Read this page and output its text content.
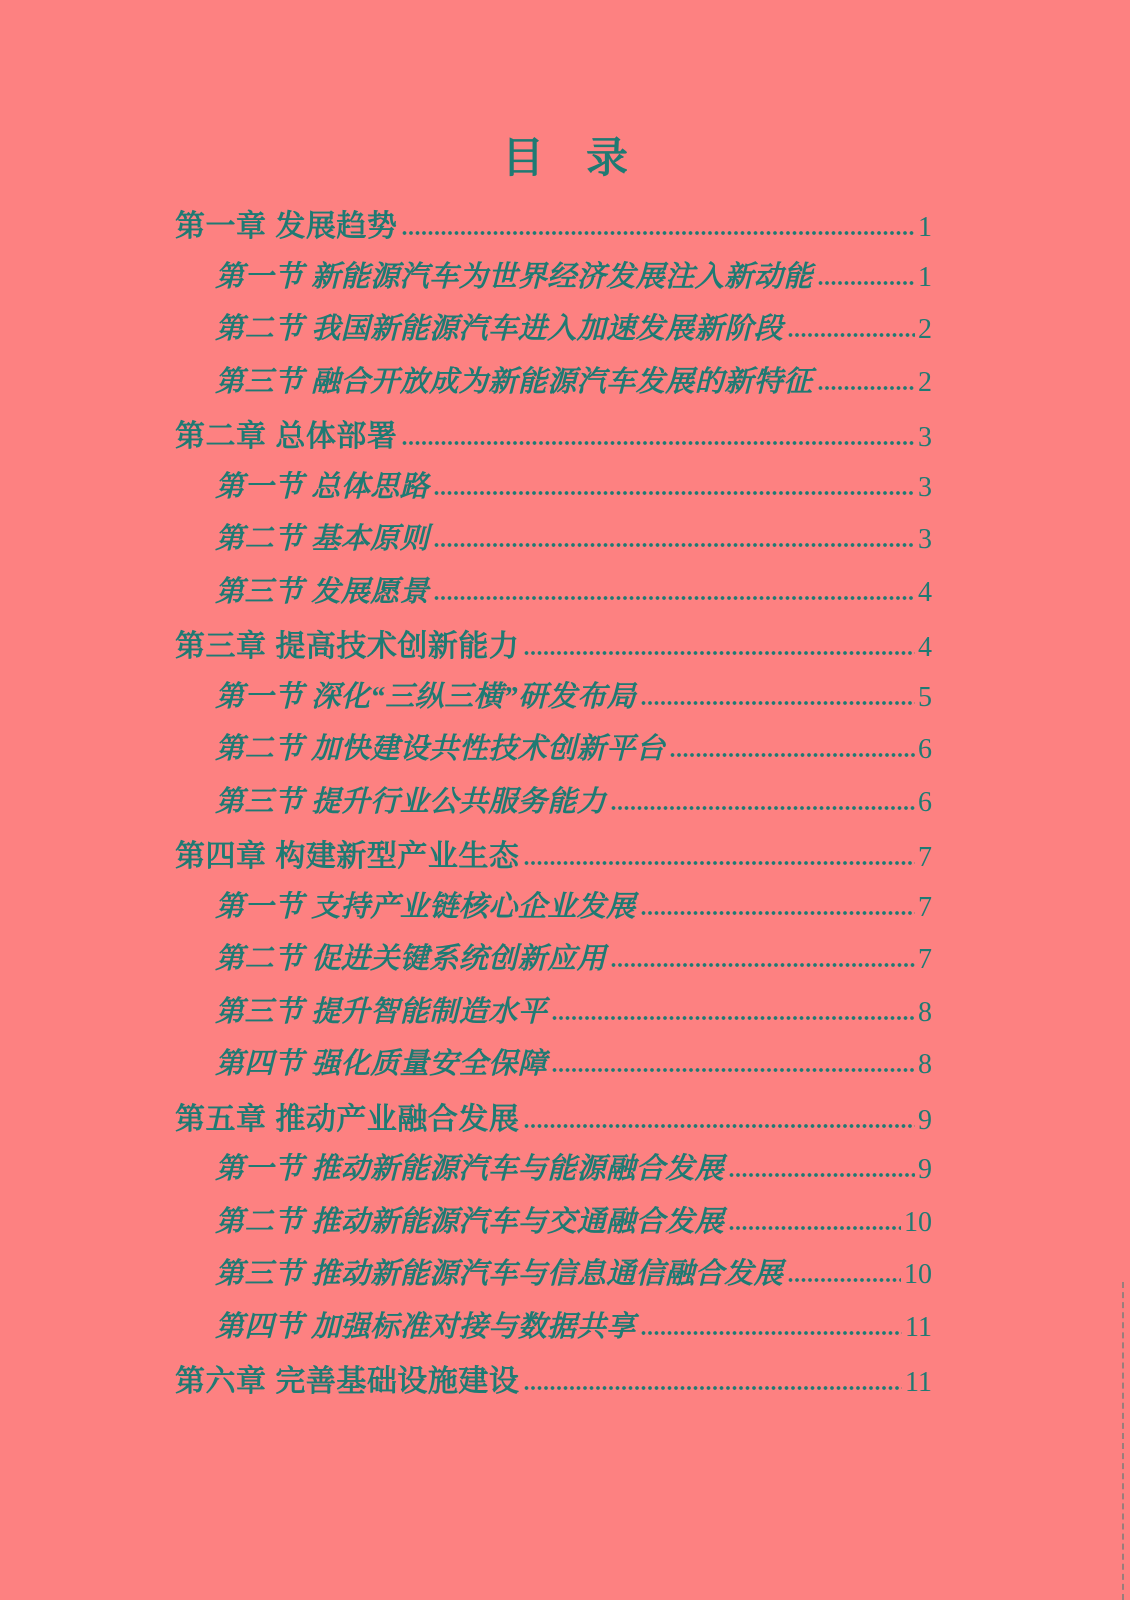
目　录
第一章 发展趋势	1
第一节 新能源汽车为世界经济发展注入新动能	1
第二节 我国新能源汽车进入加速发展新阶段	2
第三节 融合开放成为新能源汽车发展的新特征	2
第二章 总体部署	3
第一节 总体思路	3
第二节 基本原则	3
第三节 发展愿景	4
第三章 提高技术创新能力	4
第一节 深化“三纵三横”研发布局	5
第二节 加快建设共性技术创新平台	6
第三节 提升行业公共服务能力	6
第四章 构建新型产业生态	7
第一节 支持产业链核心企业发展	7
第二节 促进关键系统创新应用	7
第三节 提升智能制造水平	8
第四节 强化质量安全保障	8
第五章 推动产业融合发展	9
第一节 推动新能源汽车与能源融合发展	9
第二节 推动新能源汽车与交通融合发展	10
第三节 推动新能源汽车与信息通信融合发展	10
第四节 加强标准对接与数据共享	11
第六章 完善基础设施建设	11
